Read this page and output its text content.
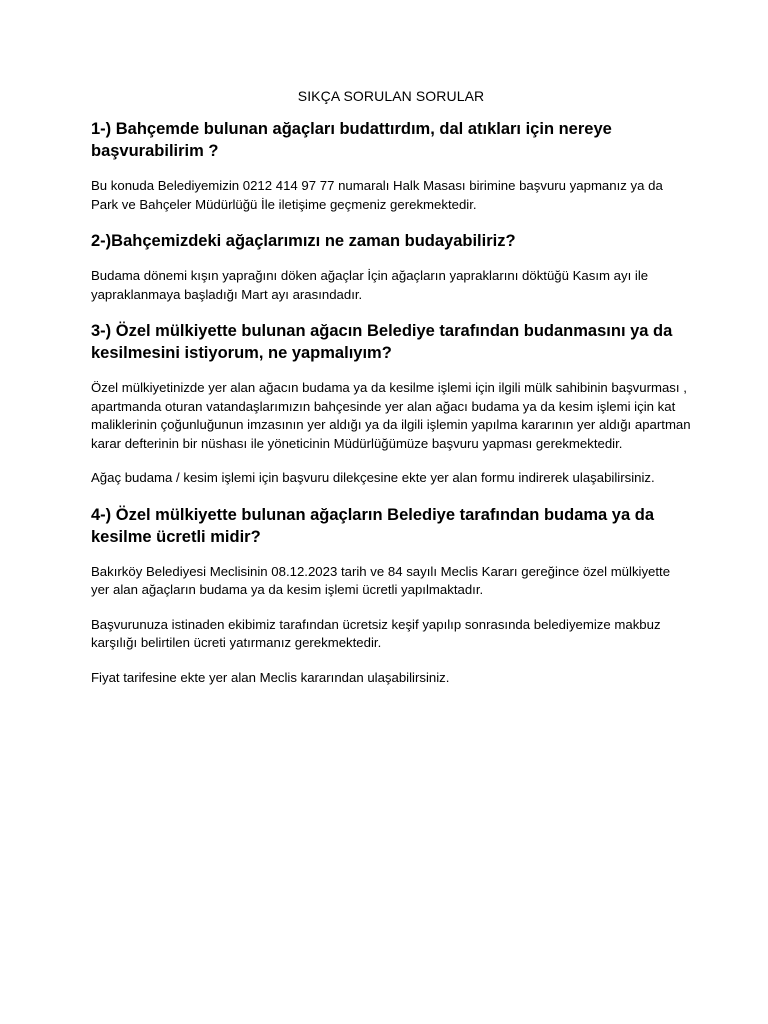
SIKÇA SORULAN SORULAR
1-) Bahçemde bulunan ağaçları budattırdım, dal atıkları için nereye başvurabilirim ?

Bu konuda Belediyemizin 0212 414 97 77 numaralı Halk Masası birimine başvuru yapmanız ya da Park ve Bahçeler Müdürlüğü İle iletişime geçmeniz gerekmektedir.

2-)Bahçemizdeki ağaçlarımızı ne zaman budayabiliriz?

Budama dönemi kışın yaprağını döken ağaçlar İçin ağaçların yapraklarını döktüğü Kasım ayı ile yapraklanmaya başladığı Mart ayı arasındadır.

3-) Özel mülkiyette bulunan ağacın Belediye tarafından budanmasını ya da kesilmesini istiyorum, ne yapmalıyım?

Özel mülkiyetinizde yer alan ağacın budama ya da kesilme işlemi için ilgili mülk sahibinin başvurması , apartmanda oturan vatandaşlarımızın bahçesinde yer alan ağacı budama ya da kesim işlemi için kat maliklerinin çoğunluğunun imzasının yer aldığı ya da ilgili işlemin yapılma kararının yer aldığı apartman karar defterinin bir nüshası ile yöneticinin Müdürlüğümüze başvuru yapması gerekmektedir.

Ağaç budama / kesim işlemi için başvuru dilekçesine ekte yer alan formu indirerek ulaşabilirsiniz.

4-) Özel mülkiyette bulunan ağaçların Belediye tarafından budama ya da kesilme ücretli midir?

Bakırköy Belediyesi Meclisinin 08.12.2023 tarih ve 84 sayılı Meclis Kararı gereğince özel mülkiyette yer alan ağaçların budama ya da kesim işlemi ücretli yapılmaktadır.

Başvurunuza istinaden ekibimiz tarafından ücretsiz keşif yapılıp sonrasında belediyemize makbuz karşılığı belirtilen ücreti yatırmanız gerekmektedir.

Fiyat tarifesine ekte yer alan Meclis kararından ulaşabilirsiniz.
